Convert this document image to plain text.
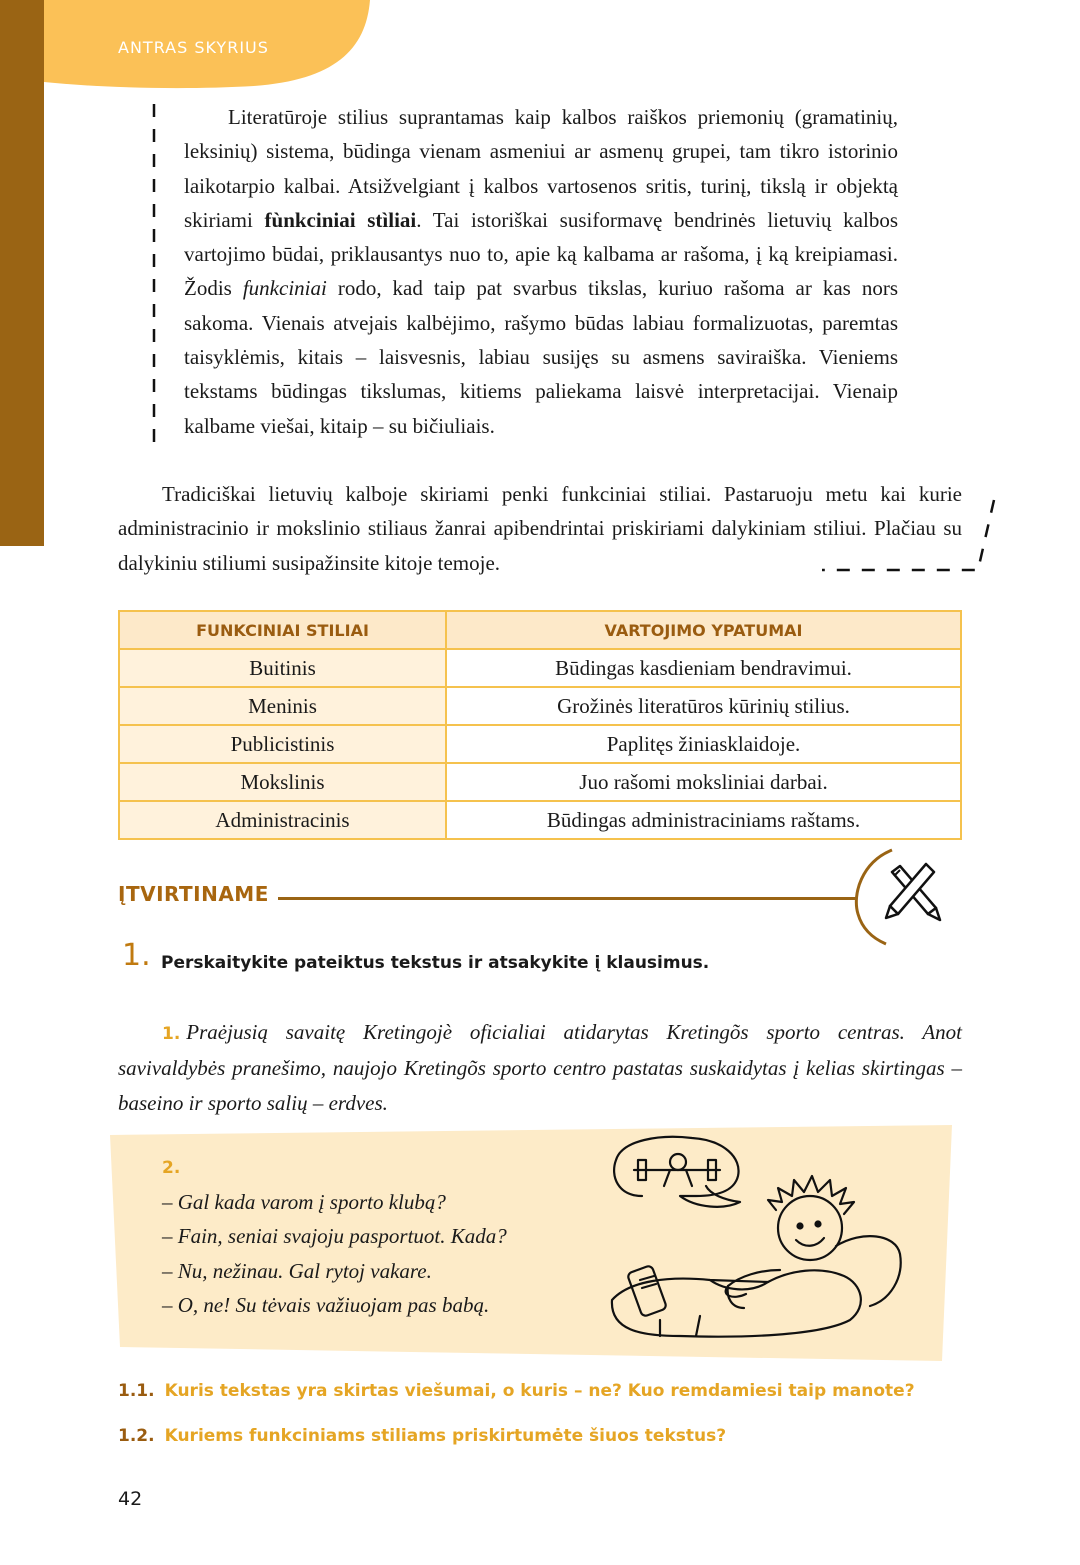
ANTRAS SKYRIUS

Literatūroje stilius suprantamas kaip kalbos raiškos priemonių (gramatinių, leksinių) sistema, būdinga vienam asmeniui ar asmenų grupei, tam tikro istorinio laikotarpio kalbai. Atsižvelgiant į kalbos vartosenos sritis, turinį, tikslą ir objektą skiriami fùnkciniai stìliai. Tai istoriškai susiformavę bendrinės lietuvių kalbos vartojimo būdai, priklausantys nuo to, apie ką kalbama ar rašoma, į ką kreipiamasi. Žodis funkciniai rodo, kad taip pat svarbus tikslas, kuriuo rašoma ar kas nors sakoma. Vienais atvejais kalbėjimo, rašymo būdas labiau formalizuotas, paremtas taisyklėmis, kitais – laisvesnis, labiau susijęs su asmens saviraiška. Vieniems tekstams būdingas tikslumas, kitiems paliekama laisvė interpretacijai. Vienaip kalbame viešai, kitaip – su bičiuliais.

Tradiciškai lietuvių kalboje skiriami penki funkciniai stiliai. Pastaruoju metu kai kurie administracinio ir mokslinio stiliaus žanrai apibendrintai priskiriami dalykiniam stiliui. Plačiau su dalykiniu stiliumi susipažinsite kitoje temoje.

FUNKCINIAI STILIAI	VARTOJIMO YPATUMAI
Buitinis	Būdingas kasdieniam bendravimui.
Meninis	Grožinės literatūros kūrinių stilius.
Publicistinis	Paplitęs žiniasklaidoje.
Mokslinis	Juo rašomi moksliniai darbai.
Administracinis	Būdingas administraciniams raštams.
ĮTVIRTINAME
1. Perskaitykite pateiktus tekstus ir atsakykite į klausimus.
1. Praėjusią savaitę Kretingojè oficialiai atidarytas Kretingõs sporto centras. Anot savivaldybės pranešimo, naujojo Kretingõs sporto centro pastatas suskaidytas į kelias skirtingas – baseino ir sporto salių – erdves.
2.
– Gal kada varom į sporto klubą?
– Fain, seniai svajoju pasportuot. Kada?
– Nu, nežinau. Gal rytoj vakare.
– O, ne! Su tėvais važiuojam pas babą.
1.1. Kuris tekstas yra skirtas viešumai, o kuris – ne? Kuo remdamiesi taip manote?
1.2. Kuriems funkciniams stiliams priskirtumėte šiuos tekstus?
42
